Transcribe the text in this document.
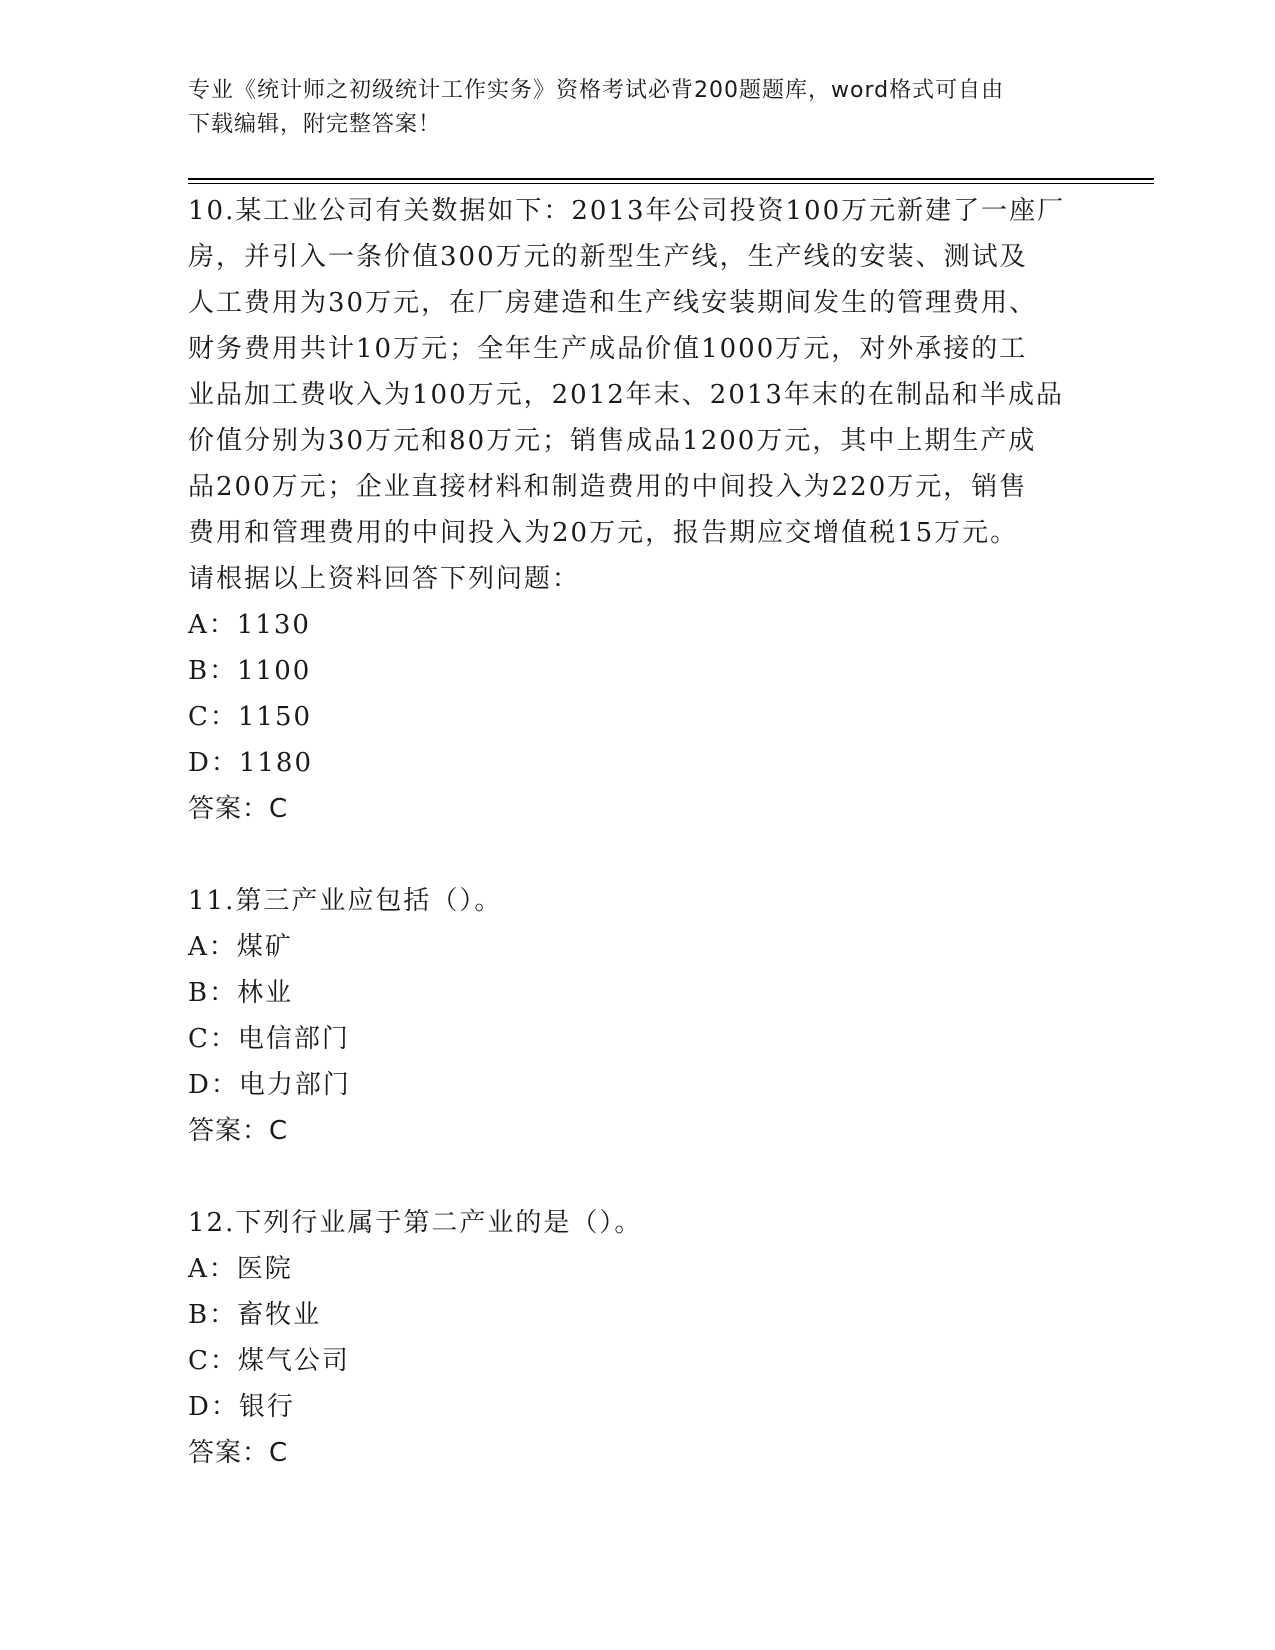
专业《统计师之初级统计工作实务》资格考试必背200题题库，word格式可自由
下载编辑，附完整答案！
10.某工业公司有关数据如下：2013年公司投资100万元新建了一座厂
房，并引入一条价值300万元的新型生产线，生产线的安装、测试及
人工费用为30万元，在厂房建造和生产线安装期间发生的管理费用、
财务费用共计10万元；全年生产成品价值1000万元，对外承接的工
业品加工费收入为100万元，2012年末、2013年末的在制品和半成品
价值分别为30万元和80万元；销售成品1200万元，其中上期生产成
品200万元；企业直接材料和制造费用的中间投入为220万元，销售
费用和管理费用的中间投入为20万元，报告期应交增值税15万元。
请根据以上资料回答下列问题：
A：1130
B：1100
C：1150
D：1180
答案：C
11.第三产业应包括（）。
A：煤矿
B：林业
C：电信部门
D：电力部门
答案：C
12.下列行业属于第二产业的是（）。
A：医院
B：畜牧业
C：煤气公司
D：银行
答案：C
